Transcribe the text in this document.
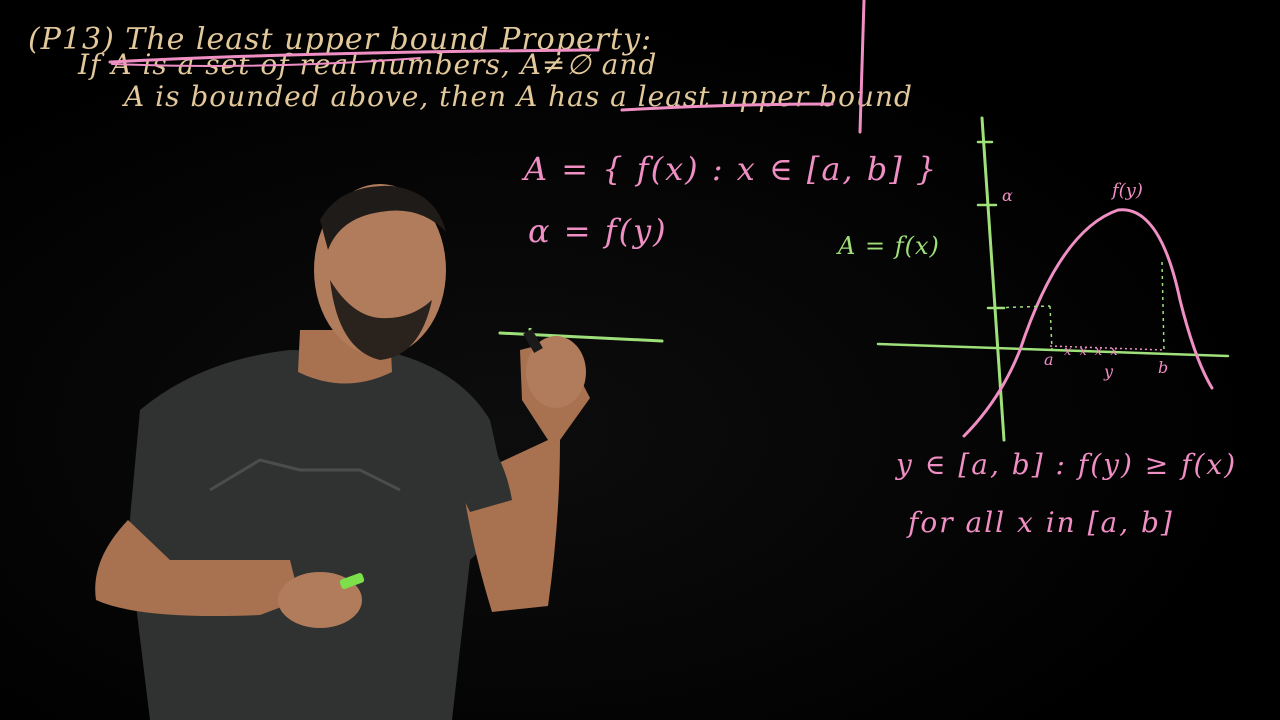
(P13) The least upper bound Property:
If A is a set of real numbers, A≠∅ and
A is bounded above, then A has a least upper bound
A = { f(x) : x ∈ [a, b] }
α = f(y)	A = f(x)
α	f(y)
a x x x x
y	b
y ∈ [a, b] : f(y) ≥ f(x)
for all x in [a, b]
